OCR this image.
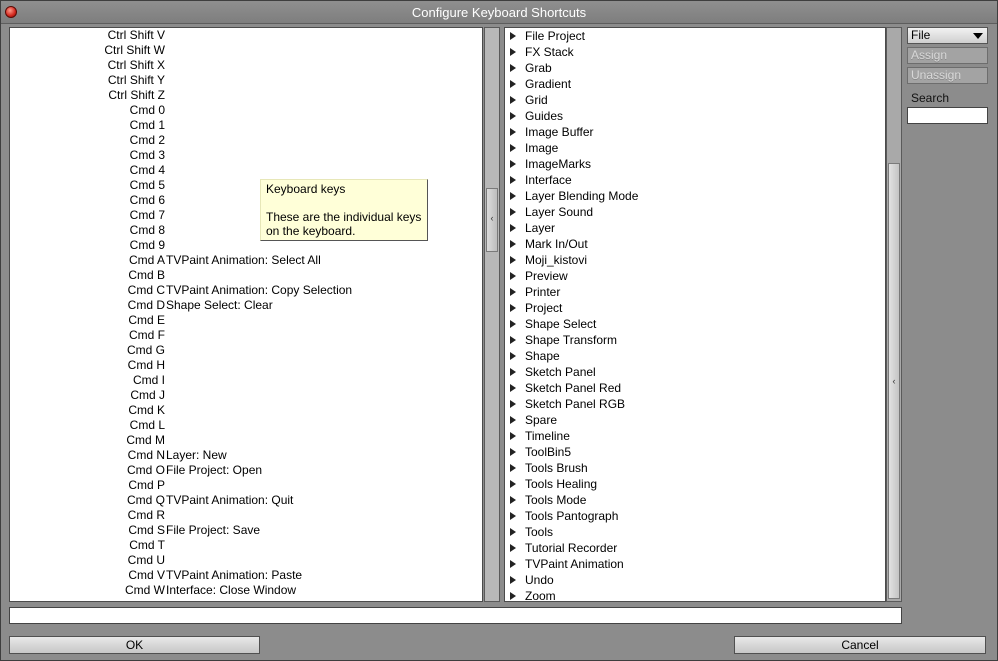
Configure Keyboard Shortcuts
Ctrl Shift V
Ctrl Shift W
Ctrl Shift X
Ctrl Shift Y
Ctrl Shift Z
Cmd 0
Cmd 1
Cmd 2
Cmd 3
Cmd 4
Cmd 5
Cmd 6
Cmd 7
Cmd 8
Cmd 9
Cmd A TVPaint Animation: Select All
Cmd B
Cmd C TVPaint Animation: Copy Selection
Cmd D Shape Select: Clear
Cmd E
Cmd F
Cmd G
Cmd H
Cmd I
Cmd J
Cmd K
Cmd L
Cmd M
Cmd N Layer: New
Cmd O File Project: Open
Cmd P
Cmd Q TVPaint Animation: Quit
Cmd R
Cmd S File Project: Save
Cmd T
Cmd U
Cmd V TVPaint Animation: Paste
Cmd W Interface: Close Window
Keyboard keys
These are the individual keys on the keyboard.
‹
File Project
FX Stack
Grab
Gradient
Grid
Guides
Image Buffer
Image
ImageMarks
Interface
Layer Blending Mode
Layer Sound
Layer
Mark In/Out
Moji_kistovi
Preview
Printer
Project
Shape Select
Shape Transform
Shape
Sketch Panel
Sketch Panel Red
Sketch Panel RGB
Spare
Timeline
ToolBin5
Tools Brush
Tools Healing
Tools Mode
Tools Pantograph
Tools
Tutorial Recorder
TVPaint Animation
Undo
Zoom
‹
File
Assign
Unassign
Search
OK	Cancel
